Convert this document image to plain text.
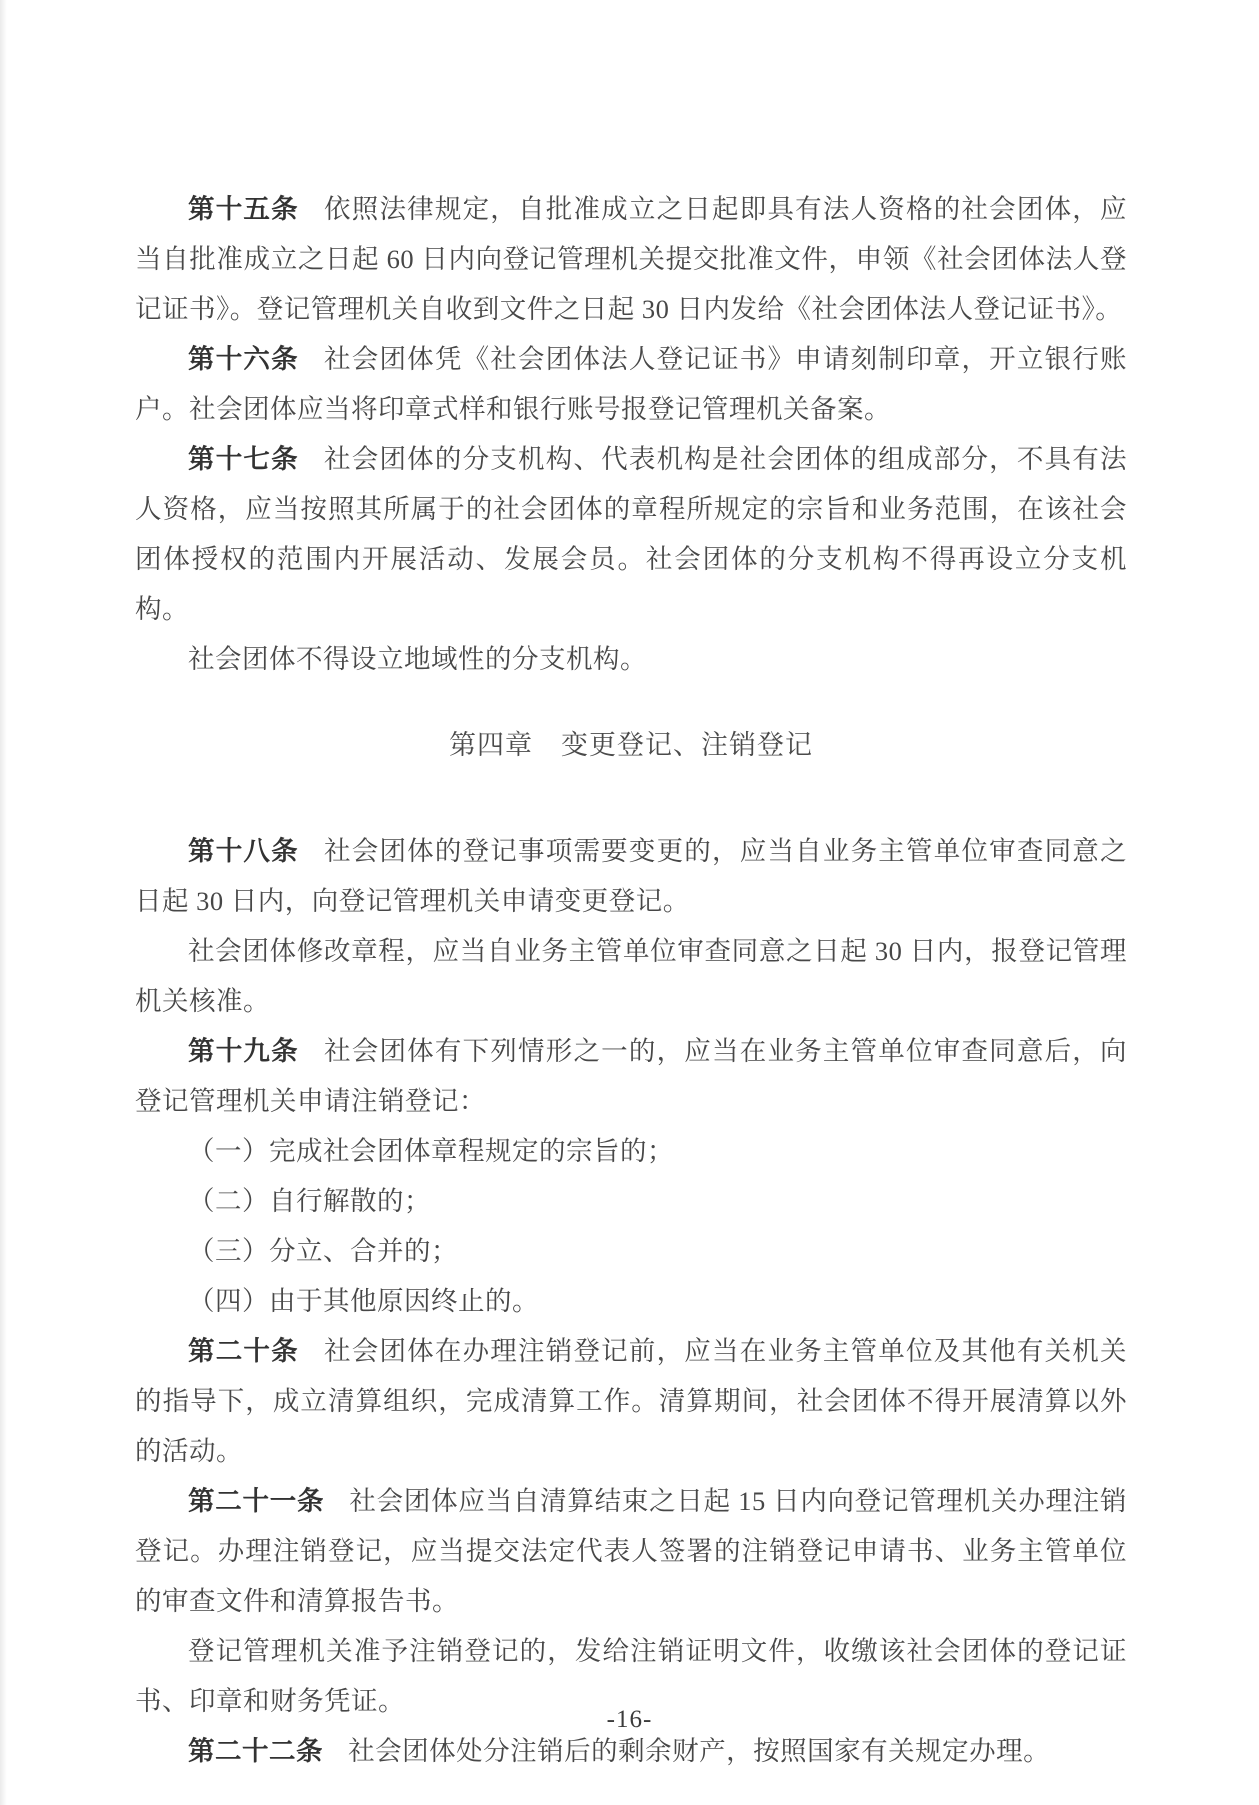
第十五条 依照法律规定，自批准成立之日起即具有法人资格的社会团体，应当自批准成立之日起 60 日内向登记管理机关提交批准文件，申领《社会团体法人登记证书》。登记管理机关自收到文件之日起 30 日内发给《社会团体法人登记证书》。

第十六条 社会团体凭《社会团体法人登记证书》申请刻制印章，开立银行账户。社会团体应当将印章式样和银行账号报登记管理机关备案。

第十七条 社会团体的分支机构、代表机构是社会团体的组成部分，不具有法人资格，应当按照其所属于的社会团体的章程所规定的宗旨和业务范围，在该社会团体授权的范围内开展活动、发展会员。社会团体的分支机构不得再设立分支机构。

社会团体不得设立地域性的分支机构。

第四章　变更登记、注销登记

第十八条 社会团体的登记事项需要变更的，应当自业务主管单位审查同意之日起 30 日内，向登记管理机关申请变更登记。

社会团体修改章程，应当自业务主管单位审查同意之日起 30 日内，报登记管理机关核准。

第十九条 社会团体有下列情形之一的，应当在业务主管单位审查同意后，向登记管理机关申请注销登记：

（一）完成社会团体章程规定的宗旨的；

（二）自行解散的；

（三）分立、合并的；

（四）由于其他原因终止的。

第二十条 社会团体在办理注销登记前，应当在业务主管单位及其他有关机关的指导下，成立清算组织，完成清算工作。清算期间，社会团体不得开展清算以外的活动。

第二十一条 社会团体应当自清算结束之日起 15 日内向登记管理机关办理注销登记。办理注销登记，应当提交法定代表人签署的注销登记申请书、业务主管单位的审查文件和清算报告书。

登记管理机关准予注销登记的，发给注销证明文件，收缴该社会团体的登记证书、印章和财务凭证。

第二十二条 社会团体处分注销后的剩余财产，按照国家有关规定办理。

-16-
